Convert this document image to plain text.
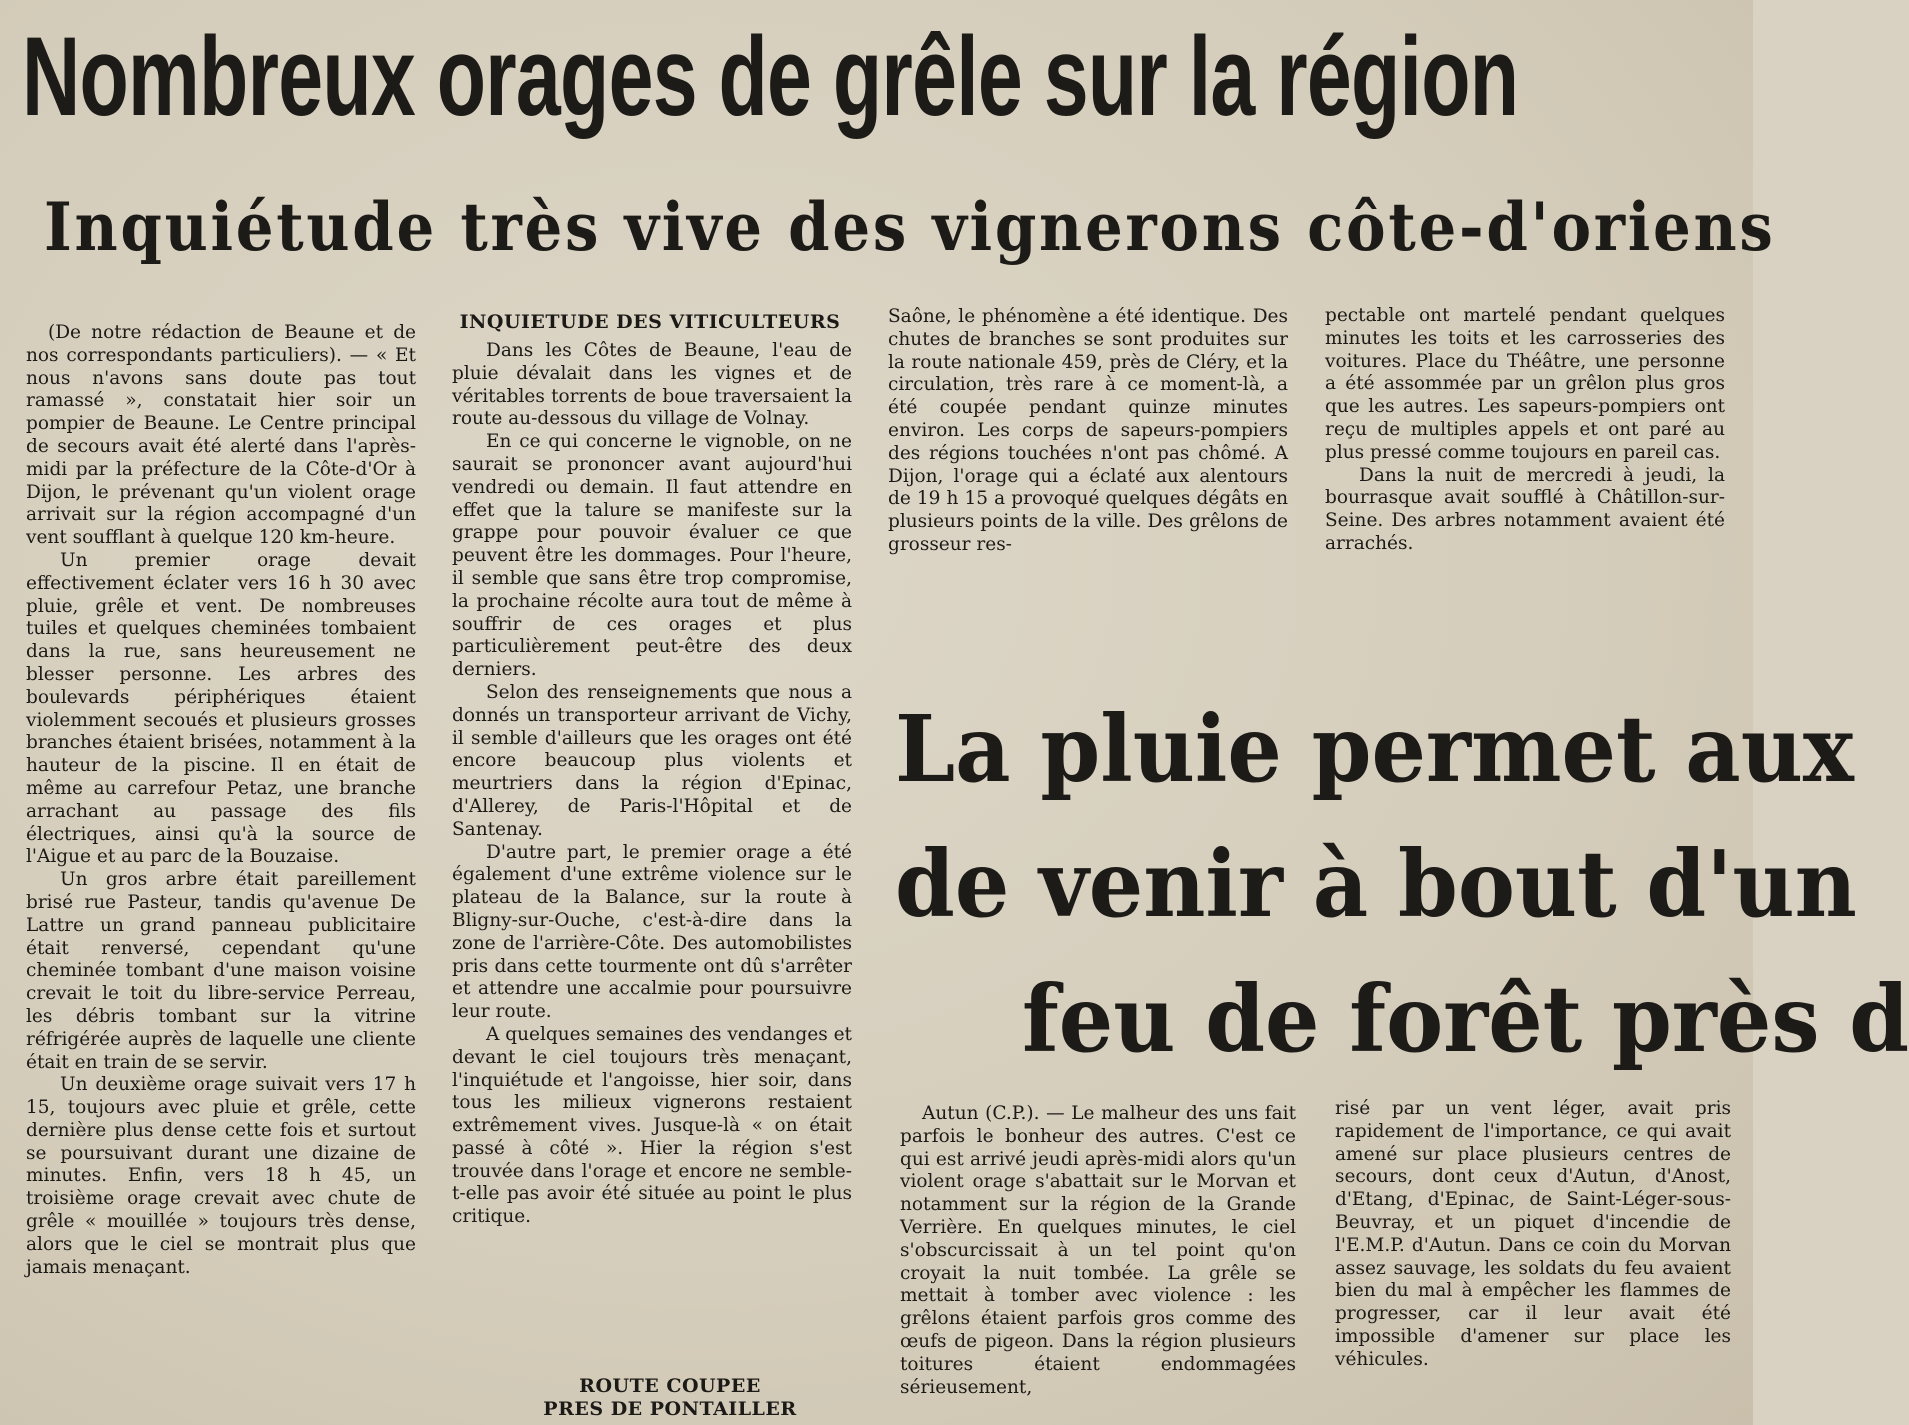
Nombreux orages de grêle sur la région
Inquiétude très vive des vignerons côte-d'oriens

(De notre rédaction de Beaune et de nos correspondants particuliers). — « Et nous n'avons sans doute pas tout ramassé », constatait hier soir un pompier de Beaune. Le Centre principal de secours avait été alerté dans l'après-midi par la préfecture de la Côte-d'Or à Dijon, le prévenant qu'un violent orage arrivait sur la région accompagné d'un vent soufflant à quelque 120 km-heure.

Un premier orage devait effectivement éclater vers 16 h 30 avec pluie, grêle et vent. De nombreuses tuiles et quelques cheminées tombaient dans la rue, sans heureusement ne blesser personne. Les arbres des boulevards périphériques étaient violemment secoués et plusieurs grosses branches étaient brisées, notamment à la hauteur de la piscine. Il en était de même au carrefour Petaz, une branche arrachant au passage des fils électriques, ainsi qu'à la source de l'Aigue et au parc de la Bouzaise.

Un gros arbre était pareillement brisé rue Pasteur, tandis qu'avenue De Lattre un grand panneau publicitaire était renversé, cependant qu'une cheminée tombant d'une maison voisine crevait le toit du libre-service Perreau, les débris tombant sur la vitrine réfrigérée auprès de laquelle une cliente était en train de se servir.

Un deuxième orage suivait vers 17 h 15, toujours avec pluie et grêle, cette dernière plus dense cette fois et surtout se poursuivant durant une dizaine de minutes. Enfin, vers 18 h 45, un troisième orage crevait avec chute de grêle « mouillée » toujours très dense, alors que le ciel se montrait plus que jamais menaçant.

INQUIETUDE DES VITICULTEURS

Dans les Côtes de Beaune, l'eau de pluie dévalait dans les vignes et de véritables torrents de boue traversaient la route au-dessous du village de Volnay.

En ce qui concerne le vignoble, on ne saurait se prononcer avant aujourd'hui vendredi ou demain. Il faut attendre en effet que la talure se manifeste sur la grappe pour pouvoir évaluer ce que peuvent être les dommages. Pour l'heure, il semble que sans être trop compromise, la prochaine récolte aura tout de même à souffrir de ces orages et plus particulièrement peut-être des deux derniers.

Selon des renseignements que nous a donnés un transporteur arrivant de Vichy, il semble d'ailleurs que les orages ont été encore beaucoup plus violents et meurtriers dans la région d'Epinac, d'Allerey, de Paris-l'Hôpital et de Santenay.

D'autre part, le premier orage a été également d'une extrême violence sur le plateau de la Balance, sur la route à Bligny-sur-Ouche, c'est-à-dire dans la zone de l'arrière-Côte. Des automobilistes pris dans cette tourmente ont dû s'arrêter et attendre une accalmie pour poursuivre leur route.

A quelques semaines des vendanges et devant le ciel toujours très menaçant, l'inquiétude et l'angoisse, hier soir, dans tous les milieux vignerons restaient extrêmement vives. Jusque-là « on était passé à côté ». Hier la région s'est trouvée dans l'orage et encore ne semble-t-elle pas avoir été située au point le plus critique.

ROUTE COUPEE
PRES DE PONTAILLER

Saône, le phénomène a été identique. Des chutes de branches se sont produites sur la route nationale 459, près de Cléry, et la circulation, très rare à ce moment-là, a été coupée pendant quinze minutes environ. Les corps de sapeurs-pompiers des régions touchées n'ont pas chômé. A Dijon, l'orage qui a éclaté aux alentours de 19 h 15 a provoqué quelques dégâts en plusieurs points de la ville. Des grêlons de grosseur res-

pectable ont martelé pendant quelques minutes les toits et les carrosseries des voitures. Place du Théâtre, une personne a été assommée par un grêlon plus gros que les autres. Les sapeurs-pompiers ont reçu de multiples appels et ont paré au plus pressé comme toujours en pareil cas.

Dans la nuit de mercredi à jeudi, la bourrasque avait soufflé à Châtillon-sur-Seine. Des arbres notamment avaient été arrachés.

La pluie permet aux
de venir à bout d'un
feu de forêt près d

Autun (C.P.). — Le malheur des uns fait parfois le bonheur des autres. C'est ce qui est arrivé jeudi après-midi alors qu'un violent orage s'abattait sur le Morvan et notamment sur la région de la Grande Verrière. En quelques minutes, le ciel s'obscurcissait à un tel point qu'on croyait la nuit tombée. La grêle se mettait à tomber avec violence : les grêlons étaient parfois gros comme des œufs de pigeon. Dans la région plusieurs toitures étaient endommagées sérieusement,

risé par un vent léger, avait pris rapidement de l'importance, ce qui avait amené sur place plusieurs centres de secours, dont ceux d'Autun, d'Anost, d'Etang, d'Epinac, de Saint-Léger-sous-Beuvray, et un piquet d'incendie de l'E.M.P. d'Autun. Dans ce coin du Morvan assez sauvage, les soldats du feu avaient bien du mal à empêcher les flammes de progresser, car il leur avait été impossible d'amener sur place les véhicules.
